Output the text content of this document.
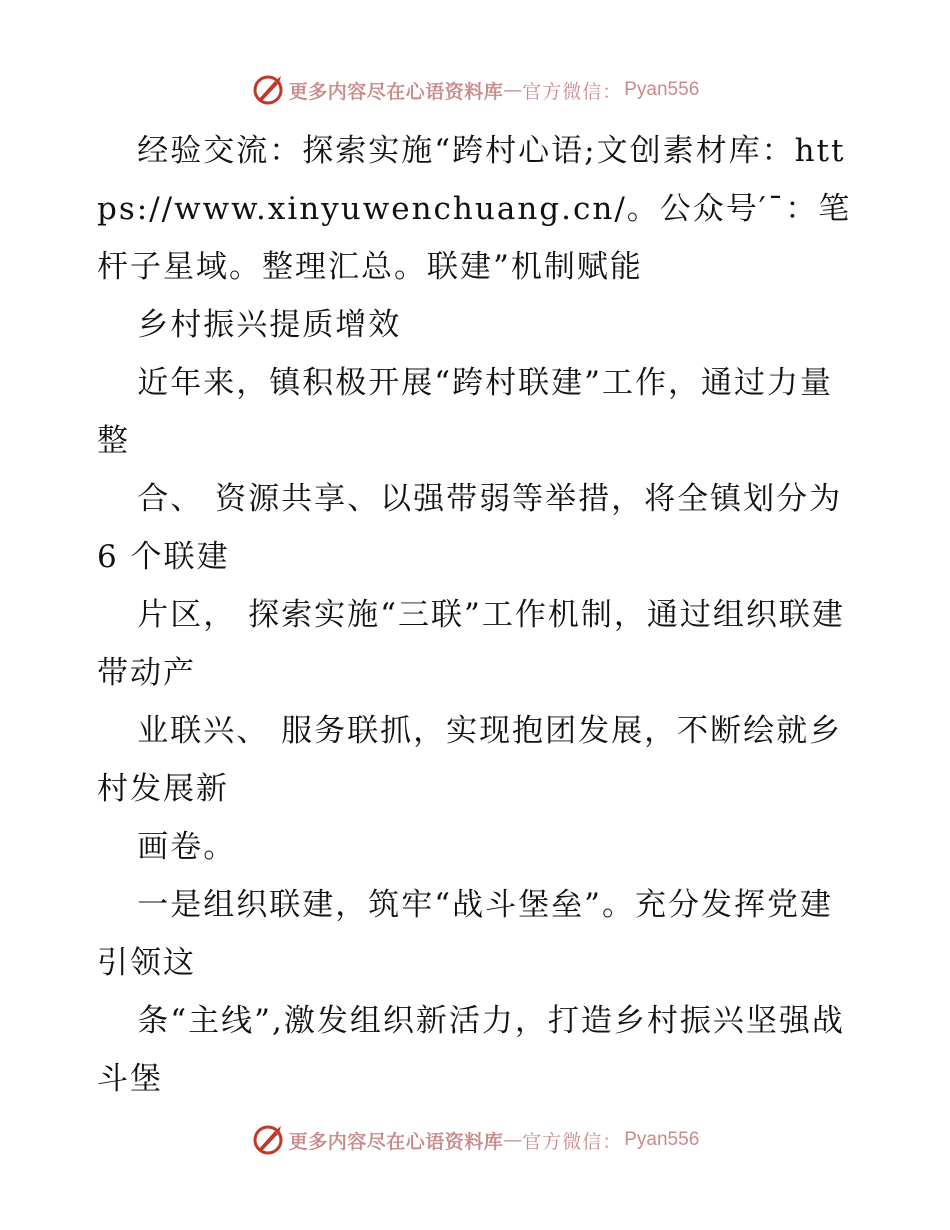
更多内容尽在心语资料库 — 官方微信： Pyan556

经验交流：探索实施“跨村心语;文创素材库：https://www.xinyuwenchuang.cn/。公众号′¯：笔杆子星域。整理汇总。联建”机制赋能

乡村振兴提质增效

近年来，镇积极开展“跨村联建”工作，通过力量整

合、 资源共享、以强带弱等举措，将全镇划分为 6 个联建

片区， 探索实施“三联”工作机制，通过组织联建带动产

业联兴、 服务联抓，实现抱团发展，不断绘就乡村发展新

画卷。

一是组织联建，筑牢“战斗堡垒”。充分发挥党建引领这

条“主线”,激发组织新活力，打造乡村振兴坚强战斗堡

更多内容尽在心语资料库 — 官方微信： Pyan556
